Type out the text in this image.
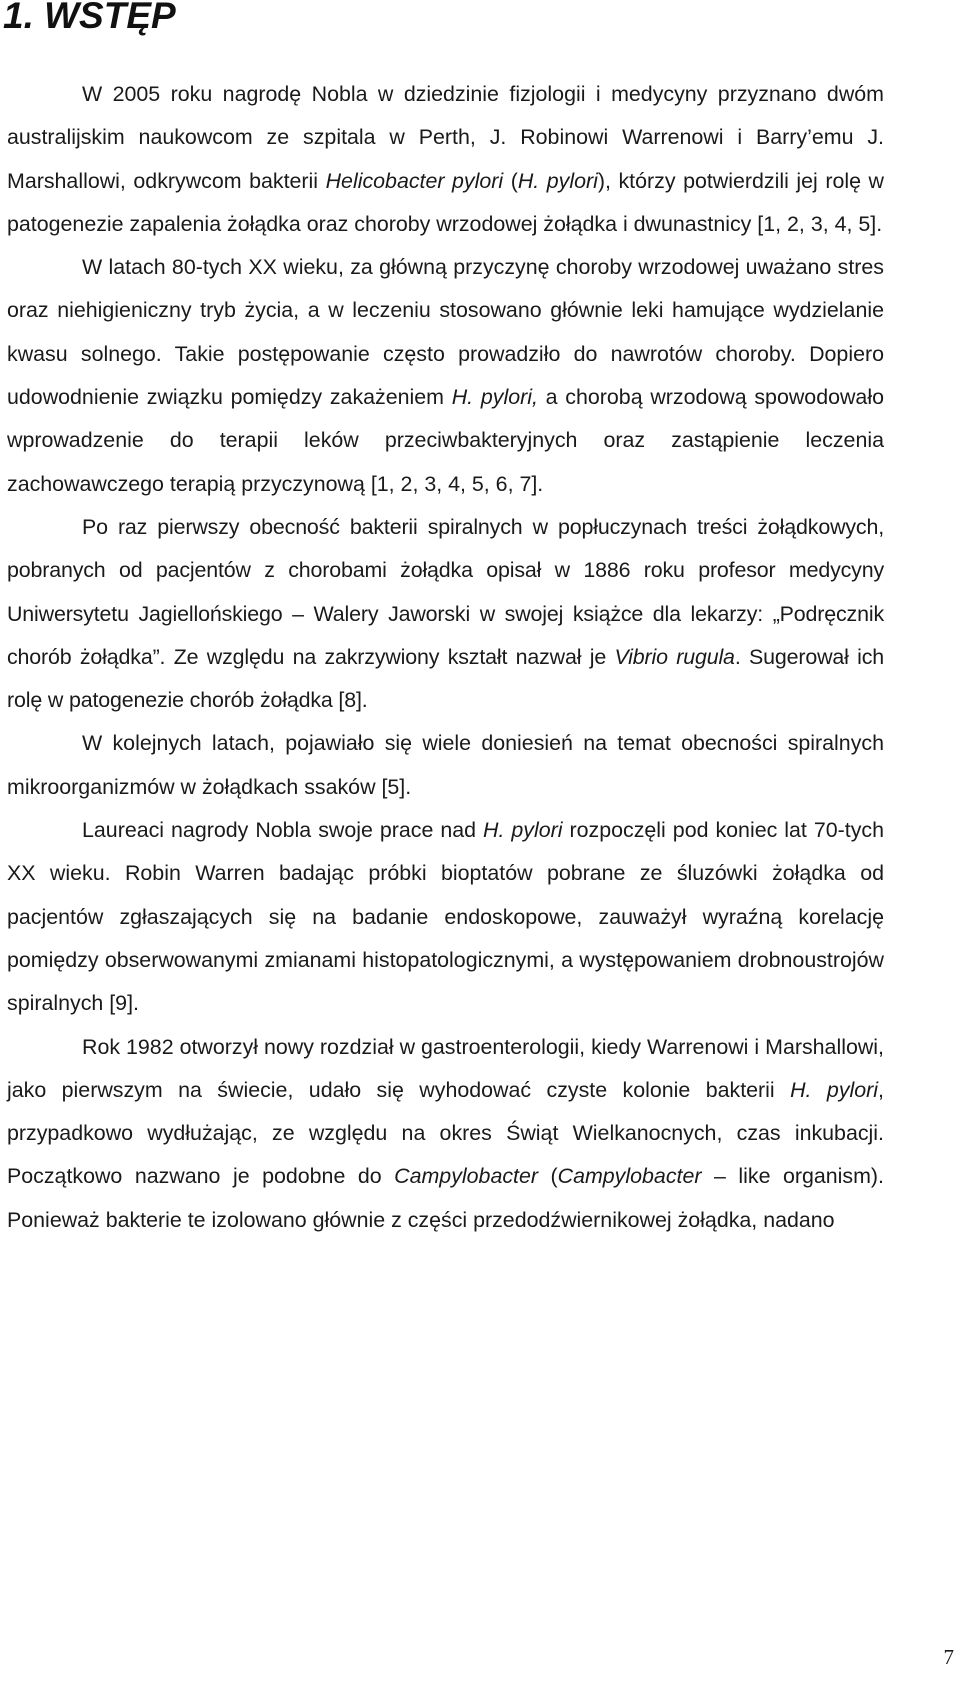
1. WSTĘP

W 2005 roku nagrodę Nobla w dziedzinie fizjologii i medycyny przyznano dwóm australijskim naukowcom ze szpitala w Perth, J. Robinowi Warrenowi i Barry’emu J. Marshallowi, odkrywcom bakterii Helicobacter pylori (H. pylori), którzy potwierdzili jej rolę w patogenezie zapalenia żołądka oraz choroby wrzodowej żołądka i dwunastnicy [1, 2, 3, 4, 5].

W latach 80-tych XX wieku, za główną przyczynę choroby wrzodowej uważano stres oraz niehigieniczny tryb życia, a w leczeniu stosowano głównie leki hamujące wydzielanie kwasu solnego. Takie postępowanie często prowadziło do nawrotów choroby. Dopiero udowodnienie związku pomiędzy zakażeniem H. pylori, a chorobą wrzodową spowodowało wprowadzenie do terapii leków przeciwbakteryjnych oraz zastąpienie leczenia zachowawczego terapią przyczynową [1, 2, 3, 4, 5, 6, 7].

Po raz pierwszy obecność bakterii spiralnych w popłuczynach treści żołądkowych, pobranych od pacjentów z chorobami żołądka opisał w 1886 roku profesor medycyny Uniwersytetu Jagiellońskiego – Walery Jaworski w swojej książce dla lekarzy: „Podręcznik chorób żołądka”. Ze względu na zakrzywiony kształt nazwał je Vibrio rugula. Sugerował ich rolę w patogenezie chorób żołądka [8].

W kolejnych latach, pojawiało się wiele doniesień na temat obecności spiralnych mikroorganizmów w żołądkach ssaków [5].

Laureaci nagrody Nobla swoje prace nad H. pylori rozpoczęli pod koniec lat 70-tych XX wieku. Robin Warren badając próbki bioptatów pobrane ze śluzówki żołądka od pacjentów zgłaszających się na badanie endoskopowe, zauważył wyraźną korelację pomiędzy obserwowanymi zmianami histopatologicznymi, a występowaniem drobnoustrojów spiralnych [9].

Rok 1982 otworzył nowy rozdział w gastroenterologii, kiedy Warrenowi i Marshallowi, jako pierwszym na świecie, udało się wyhodować czyste kolonie bakterii H. pylori, przypadkowo wydłużając, ze względu na okres Świąt Wielkanocnych, czas inkubacji. Początkowo nazwano je podobne do Campylobacter (Campylobacter – like organism). Ponieważ bakterie te izolowano głównie z części przedodźwiernikowej żołądka, nadano

7
